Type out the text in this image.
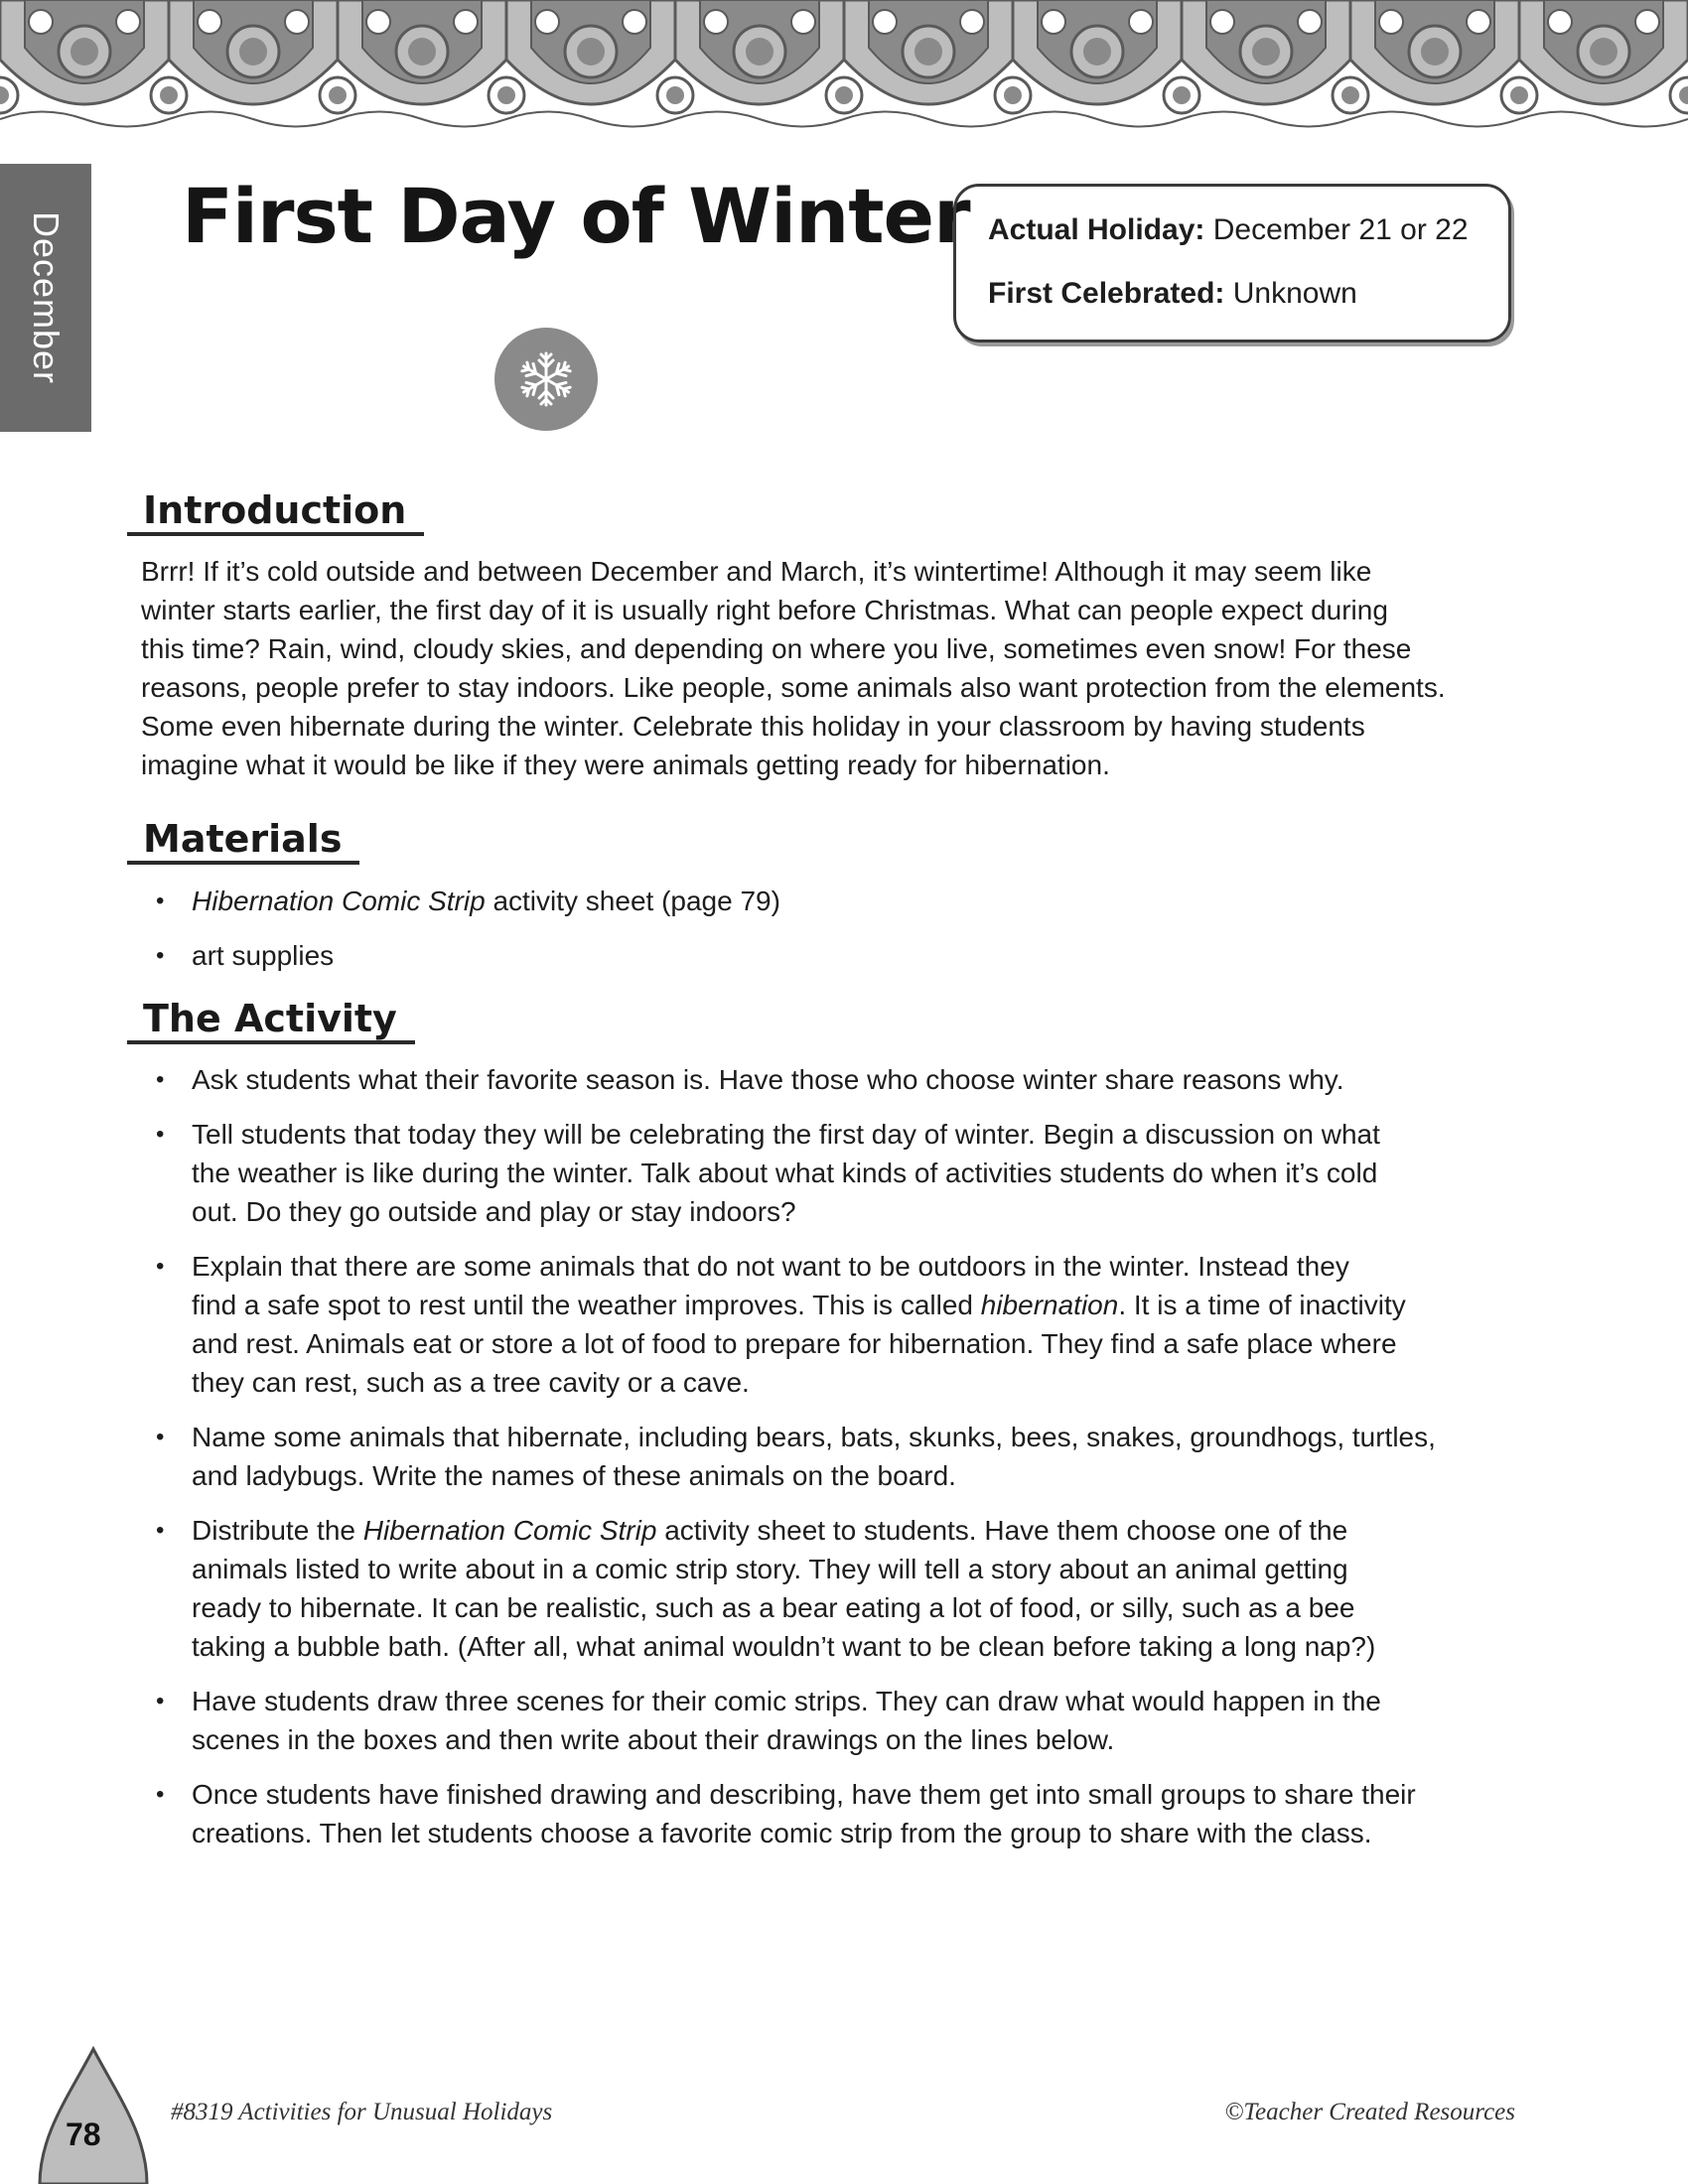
December First Day of Winter Actual Holiday: December 21 or 22
First Celebrated: Unknown
Introduction

Brrr! If it’s cold outside and between December and March, it’s wintertime! Although it may seem like
winter starts earlier, the first day of it is usually right before Christmas. What can people expect during
this time? Rain, wind, cloudy skies, and depending on where you live, sometimes even snow! For these
reasons, people prefer to stay indoors. Like people, some animals also want protection from the elements.
Some even hibernate during the winter. Celebrate this holiday in your classroom by having students
imagine what it would be like if they were animals getting ready for hibernation.

Materials
• Hibernation Comic Strip activity sheet (page 79)
• art supplies
The Activity
• Ask students what their favorite season is. Have those who choose winter share reasons why.
• Tell students that today they will be celebrating the first day of winter. Begin a discussion on what
the weather is like during the winter. Talk about what kinds of activities students do when it’s cold
out. Do they go outside and play or stay indoors?
• Explain that there are some animals that do not want to be outdoors in the winter. Instead they
find a safe spot to rest until the weather improves. This is called hibernation. It is a time of inactivity
and rest. Animals eat or store a lot of food to prepare for hibernation. They find a safe place where
they can rest, such as a tree cavity or a cave.
• Name some animals that hibernate, including bears, bats, skunks, bees, snakes, groundhogs, turtles,
and ladybugs. Write the names of these animals on the board.
• Distribute the Hibernation Comic Strip activity sheet to students. Have them choose one of the
animals listed to write about in a comic strip story. They will tell a story about an animal getting
ready to hibernate. It can be realistic, such as a bear eating a lot of food, or silly, such as a bee
taking a bubble bath. (After all, what animal wouldn’t want to be clean before taking a long nap?)
• Have students draw three scenes for their comic strips. They can draw what would happen in the
scenes in the boxes and then write about their drawings on the lines below.
• Once students have finished drawing and describing, have them get into small groups to share their
creations. Then let students choose a favorite comic strip from the group to share with the class.
78
#8319 Activities for Unusual Holidays	©Teacher Created Resources
